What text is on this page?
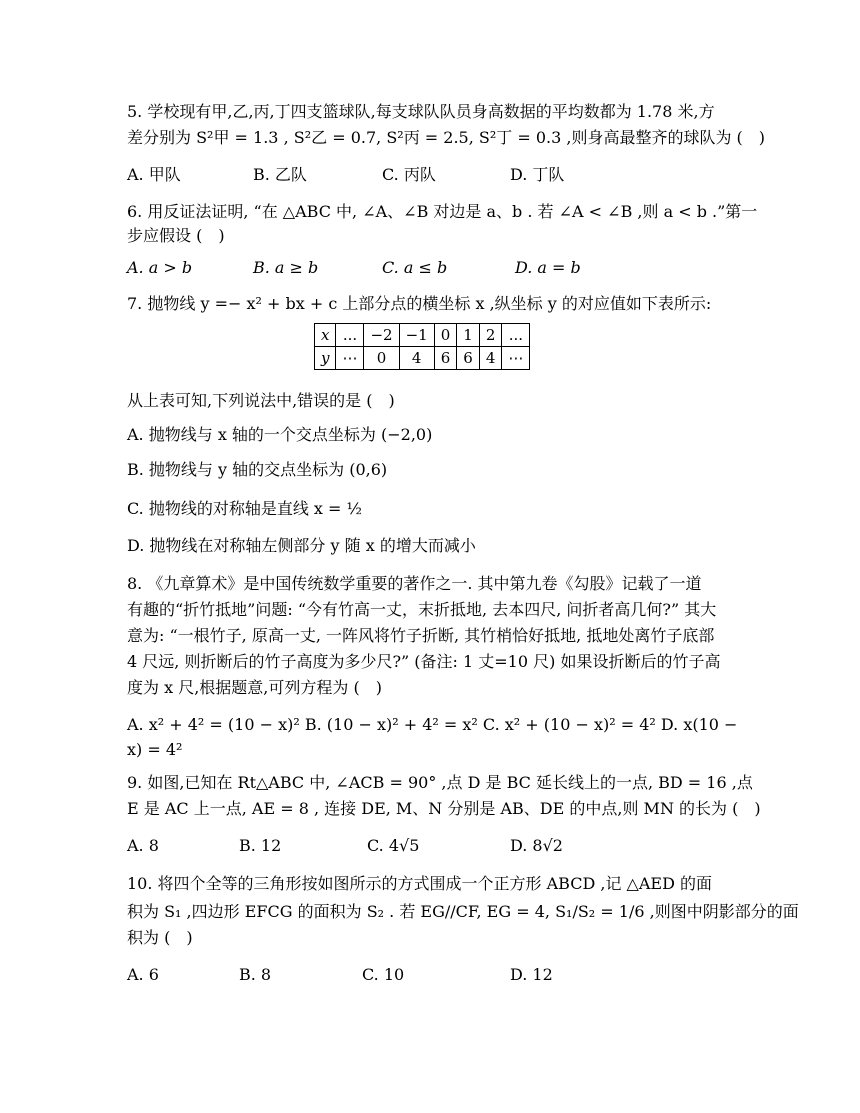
5. 学校现有甲,乙,丙,丁四支篮球队,每支球队队员身高数据的平均数都为 1.78 米,方
差分别为 S²甲 = 1.3 , S²乙 = 0.7, S²丙 = 2.5, S²丁 = 0.3 ,则身高最整齐的球队为 (　)
A. 甲队	B. 乙队	C. 丙队	D. 丁队
6. 用反证法证明, “在 △ABC 中, ∠A、∠B 对边是 a、b . 若 ∠A < ∠B ,则 a < b .”第一
步应假设 (　)
A. a > b	B. a ≥ b	C. a ≤ b	D. a = b
7. 抛物线 y =− x² + bx + c 上部分点的横坐标 x ,纵坐标 y 的对应值如下表所示:
x	...	−2	−1	0	1	2	...
y	⋯	0	4	6	6	4	⋯
从上表可知,下列说法中,错误的是 (　)
A. 抛物线与 x 轴的一个交点坐标为 (−2,0)
B. 抛物线与 y 轴的交点坐标为 (0,6)
C. 抛物线的对称轴是直线 x = ½
D. 抛物线在对称轴左侧部分 y 随 x 的增大而减小
8. 《九章算术》是中国传统数学重要的著作之一. 其中第九卷《勾股》记载了一道
有趣的“折竹抵地”问题: “今有竹高一丈，末折抵地, 去本四尺, 问折者高几何?” 其大
意为: “一根竹子, 原高一丈, 一阵风将竹子折断, 其竹梢恰好抵地, 抵地处离竹子底部
4 尺远, 则折断后的竹子高度为多少尺?” (备注: 1 丈=10 尺) 如果设折断后的竹子高
度为 x 尺,根据题意,可列方程为 (　)
A. x² + 4² = (10 − x)² B. (10 − x)² + 4² = x² C. x² + (10 − x)² = 4² D. x(10 −
x) = 4²
9. 如图,已知在 Rt△ABC 中, ∠ACB = 90° ,点 D 是 BC 延长线上的一点, BD = 16 ,点
E 是 AC 上一点, AE = 8 , 连接 DE, M、N 分别是 AB、DE 的中点,则 MN 的长为 (　)
A. 8	B. 12	C. 4√5	D. 8√2
10. 将四个全等的三角形按如图所示的方式围成一个正方形 ABCD ,记 △AED 的面
积为 S₁ ,四边形 EFCG 的面积为 S₂ . 若 EG//CF, EG = 4, S₁/S₂ = 1/6 ,则图中阴影部分的面
积为 (　)
A. 6	B. 8	C. 10	D. 12
